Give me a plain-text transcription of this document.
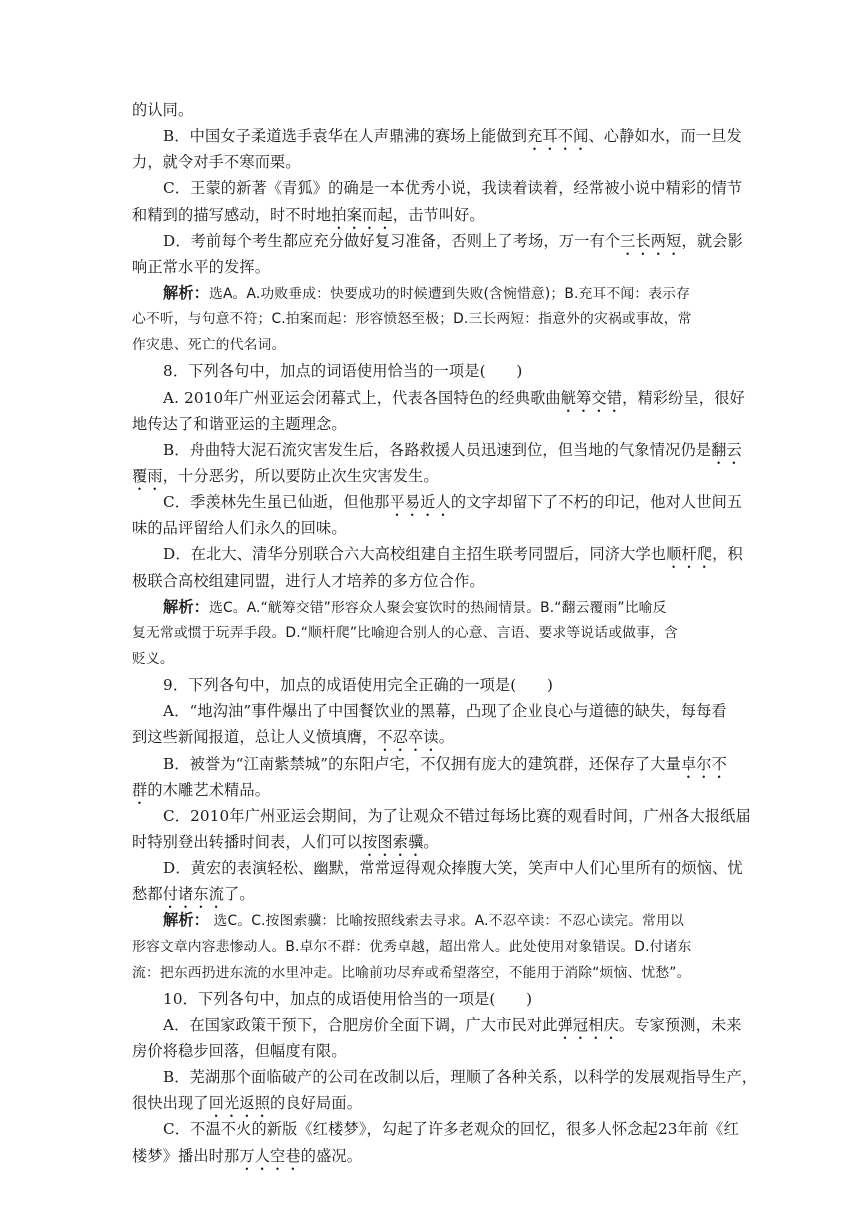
的认同。
B．中国女子柔道选手袁华在人声鼎沸的赛场上能做到充耳不闻、心静如水，而一旦发
力，就令对手不寒而栗。
C．王蒙的新著《青狐》的确是一本优秀小说，我读着读着，经常被小说中精彩的情节
和精到的描写感动，时不时地拍案而起，击节叫好。
D．考前每个考生都应充分做好复习准备，否则上了考场，万一有个三长两短，就会影
响正常水平的发挥。
解析：选A。A.功败垂成：快要成功的时候遭到失败(含惋惜意)；B.充耳不闻：表示存
心不听，与句意不符；C.拍案而起：形容愤怒至极；D.三长两短：指意外的灾祸或事故，常
作灾患、死亡的代名词。
8．下列各句中，加点的词语使用恰当的一项是(　　)
A. 2010年广州亚运会闭幕式上，代表各国特色的经典歌曲觥筹交错，精彩纷呈，很好
地传达了和谐亚运的主题理念。
B．舟曲特大泥石流灾害发生后，各路救援人员迅速到位，但当地的气象情况仍是翻云
覆雨，十分恶劣，所以要防止次生灾害发生。
C．季羡林先生虽已仙逝，但他那平易近人的文字却留下了不朽的印记，他对人世间五
味的品评留给人们永久的回味。
D．在北大、清华分别联合六大高校组建自主招生联考同盟后，同济大学也顺杆爬，积
极联合高校组建同盟，进行人才培养的多方位合作。
解析：选C。A.“觥筹交错”形容众人聚会宴饮时的热闹情景。B.“翻云覆雨”比喻反
复无常或惯于玩弄手段。D.“顺杆爬”比喻迎合别人的心意、言语、要求等说话或做事，含
贬义。
9．下列各句中，加点的成语使用完全正确的一项是(　　)
A．“地沟油”事件爆出了中国餐饮业的黑幕，凸现了企业良心与道德的缺失，每每看
到这些新闻报道，总让人义愤填膺，不忍卒读。
B．被誉为“江南紫禁城”的东阳卢宅，不仅拥有庞大的建筑群，还保存了大量卓尔不
群的木雕艺术精品。
C．2010年广州亚运会期间，为了让观众不错过每场比赛的观看时间，广州各大报纸届
时特别登出转播时间表，人们可以按图索骥。
D．黄宏的表演轻松、幽默，常常逗得观众捧腹大笑，笑声中人们心里所有的烦恼、忧
愁都付诸东流了。
解析： 选C。C.按图索骥：比喻按照线索去寻求。A.不忍卒读：不忍心读完。常用以
形容文章内容悲惨动人。B.卓尔不群：优秀卓越，超出常人。此处使用对象错误。D.付诸东
流：把东西扔进东流的水里冲走。比喻前功尽弃或希望落空，不能用于消除“烦恼、忧愁”。
10．下列各句中，加点的成语使用恰当的一项是(　　)
A．在国家政策干预下，合肥房价全面下调，广大市民对此弹冠相庆。专家预测，未来
房价将稳步回落，但幅度有限。
B．芜湖那个面临破产的公司在改制以后，理顺了各种关系，以科学的发展观指导生产，
很快出现了回光返照的良好局面。
C．不温不火的新版《红楼梦》，勾起了许多老观众的回忆，很多人怀念起23年前《红
楼梦》播出时那万人空巷的盛况。
